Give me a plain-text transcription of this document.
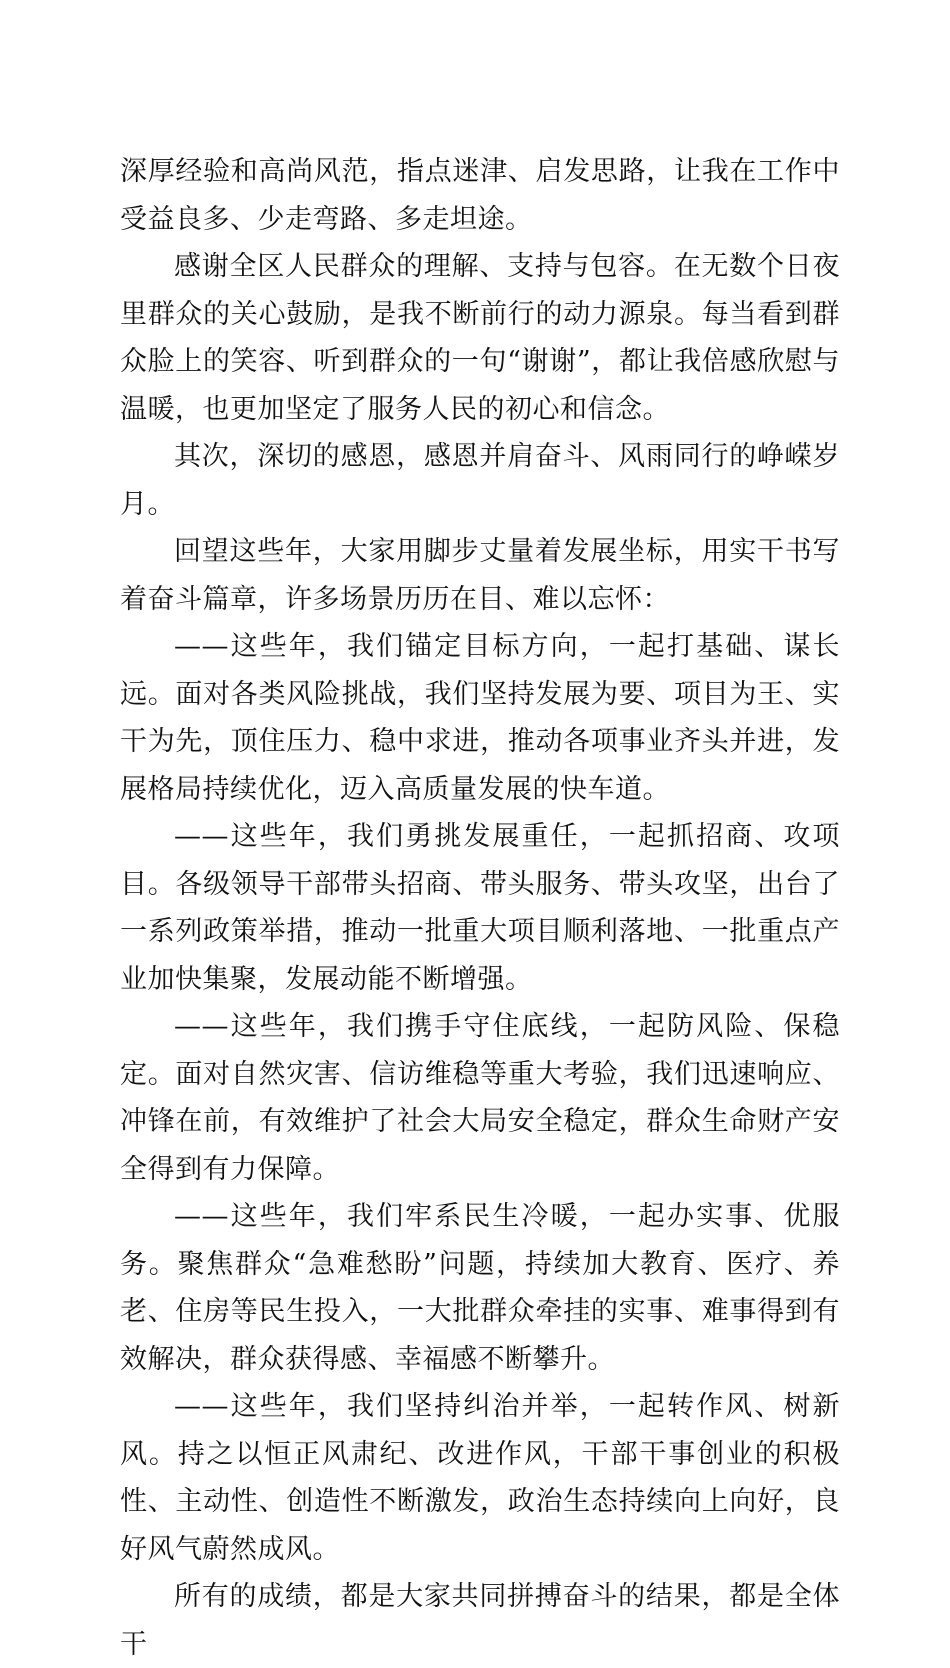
深厚经验和高尚风范，指点迷津、启发思路，让我在工作中受益良多、少走弯路、多走坦途。

感谢全区人民群众的理解、支持与包容。在无数个日夜里群众的关心鼓励，是我不断前行的动力源泉。每当看到群众脸上的笑容、听到群众的一句“谢谢”，都让我倍感欣慰与温暖，也更加坚定了服务人民的初心和信念。

其次，深切的感恩，感恩并肩奋斗、风雨同行的峥嵘岁月。

回望这些年，大家用脚步丈量着发展坐标，用实干书写着奋斗篇章，许多场景历历在目、难以忘怀：

——这些年，我们锚定目标方向，一起打基础、谋长远。面对各类风险挑战，我们坚持发展为要、项目为王、实干为先，顶住压力、稳中求进，推动各项事业齐头并进，发展格局持续优化，迈入高质量发展的快车道。

——这些年，我们勇挑发展重任，一起抓招商、攻项目。各级领导干部带头招商、带头服务、带头攻坚，出台了一系列政策举措，推动一批重大项目顺利落地、一批重点产业加快集聚，发展动能不断增强。

——这些年，我们携手守住底线，一起防风险、保稳定。面对自然灾害、信访维稳等重大考验，我们迅速响应、冲锋在前，有效维护了社会大局安全稳定，群众生命财产安全得到有力保障。

——这些年，我们牢系民生冷暖，一起办实事、优服务。聚焦群众“急难愁盼”问题，持续加大教育、医疗、养老、住房等民生投入，一大批群众牵挂的实事、难事得到有效解决，群众获得感、幸福感不断攀升。

——这些年，我们坚持纠治并举，一起转作风、树新风。持之以恒正风肃纪、改进作风，干部干事创业的积极性、主动性、创造性不断激发，政治生态持续向上向好，良好风气蔚然成风。

所有的成绩，都是大家共同拼搏奋斗的结果，都是全体干
